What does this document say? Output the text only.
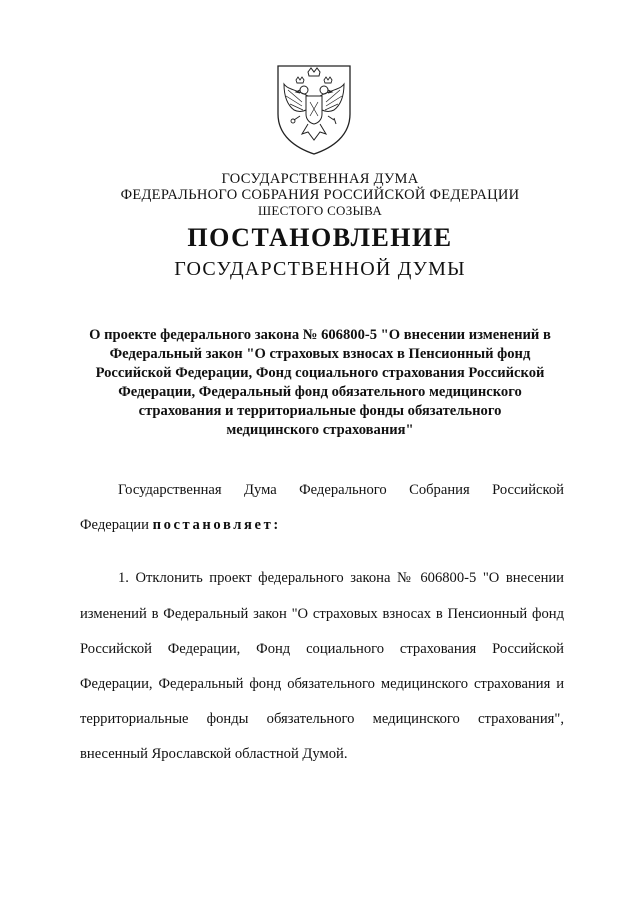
ГОСУДАРСТВЕННАЯ ДУМА
ФЕДЕРАЛЬНОГО СОБРАНИЯ РОССИЙСКОЙ ФЕДЕРАЦИИ
ШЕСТОГО СОЗЫВА
ПОСТАНОВЛЕНИЕ
ГОСУДАРСТВЕННОЙ ДУМЫ
О проекте федерального закона № 606800-5 "О внесении изменений в
Федеральный закон "О страховых взносах в Пенсионный фонд
Российской Федерации, Фонд социального страхования Российской
Федерации, Федеральный фонд обязательного медицинского
страхования и территориальные фонды обязательного
медицинского страхования"
Государственная Дума Федерального Собрания Российской
Федерации постановляет:
1. Отклонить проект федерального закона № 606800-5 "О внесении
изменений в Федеральный закон "О страховых взносах в Пенсионный фонд
Российской Федерации, Фонд социального страхования Российской
Федерации, Федеральный фонд обязательного медицинского страхования и
территориальные фонды обязательного медицинского страхования",
внесенный Ярославской областной Думой.
